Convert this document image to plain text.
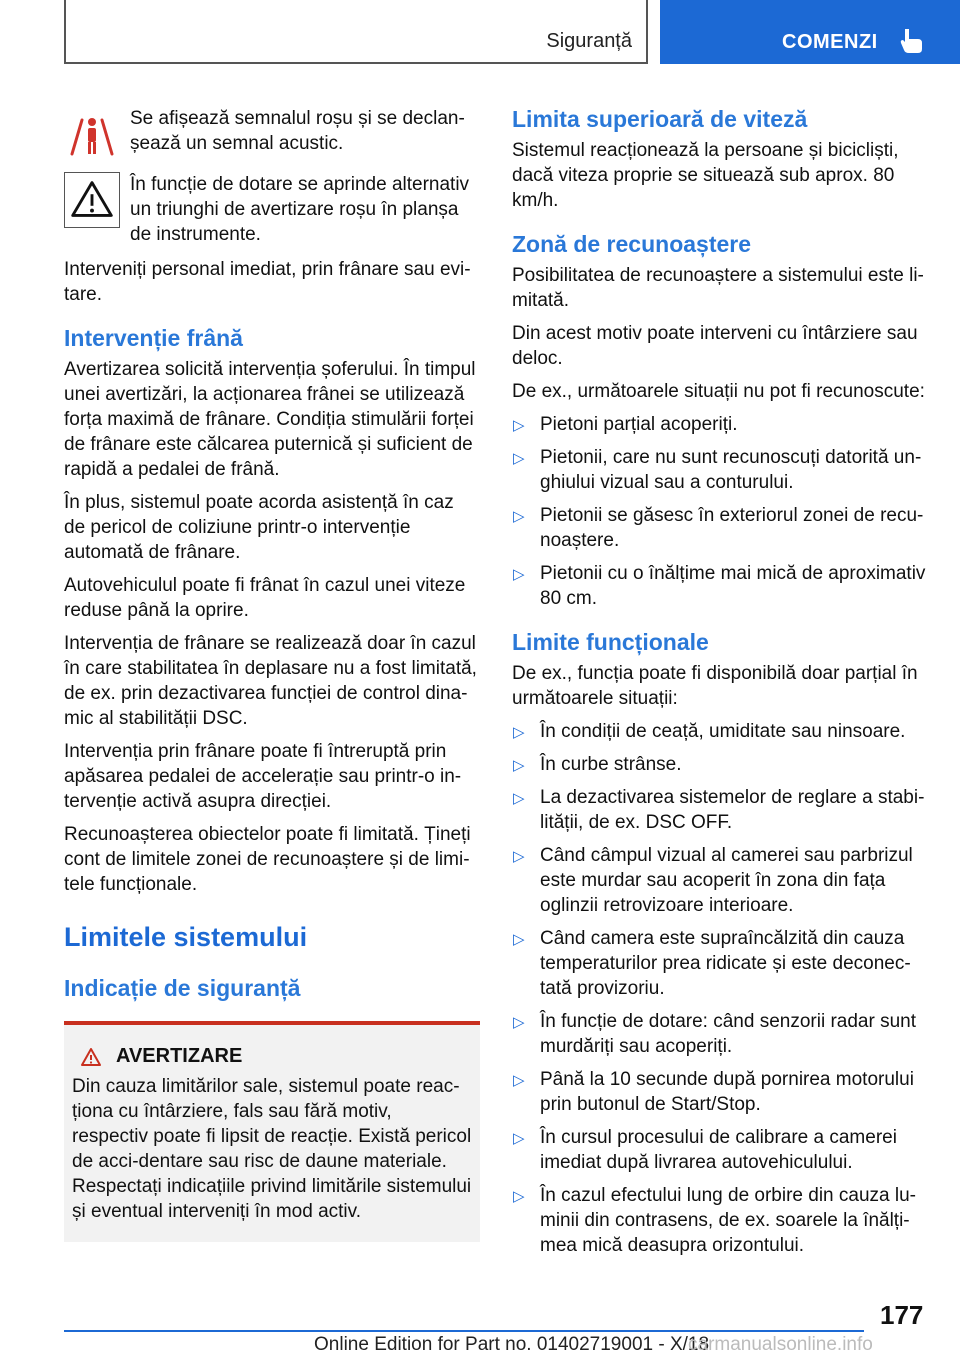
Siguranță	COMENZI
Se afișează semnalul roșu și se declan-șează un semnal acustic.
În funcție de dotare se aprinde alternativ un triunghi de avertizare roșu în planșa de instrumente.

Interveniți personal imediat, prin frânare sau evi-tare.

Intervenție frână

Avertizarea solicită intervenția șoferului. În timpul unei avertizări, la acționarea frânei se utilizează forța maximă de frânare. Condiția stimulării forței de frânare este călcarea puternică și suficient de rapidă a pedalei de frână.

În plus, sistemul poate acorda asistență în caz de pericol de coliziune printr-o intervenție automată de frânare.

Autovehiculul poate fi frânat în cazul unei viteze reduse până la oprire.

Intervenția de frânare se realizează doar în cazul în care stabilitatea în deplasare nu a fost limitată, de ex. prin dezactivarea funcției de control dina-mic al stabilității DSC.

Intervenția prin frânare poate fi întreruptă prin apăsarea pedalei de accelerație sau printr-o in-tervenție activă asupra direcției.

Recunoașterea obiectelor poate fi limitată. Țineți cont de limitele zonei de recunoaștere și de limi-tele funcționale.

Limitele sistemului
Indicație de siguranță
AVERTIZARE

Din cauza limitărilor sale, sistemul poate reac-ționa cu întârziere, fals sau fără motiv, respectiv poate fi lipsit de reacție. Există pericol de acci-dentare sau risc de daune materiale. Respectați indicațiile privind limitările sistemului și eventual interveniți în mod activ.

Limita superioară de viteză

Sistemul reacționează la persoane și bicicliști, dacă viteza proprie se situează sub aprox. 80 km/h.

Zonă de recunoaștere

Posibilitatea de recunoaștere a sistemului este li-mitată.

Din acest motiv poate interveni cu întârziere sau deloc.

De ex., următoarele situații nu pot fi recunoscute:

▷ Pietoni parțial acoperiți.
▷ Pietonii, care nu sunt recunoscuți datorită un-ghiului vizual sau a conturului.
▷ Pietonii se găsesc în exteriorul zonei de recu-noaștere.
▷ Pietonii cu o înălțime mai mică de aproximativ 80 cm.
Limite funcționale

De ex., funcția poate fi disponibilă doar parțial în următoarele situații:

▷ În condiții de ceață, umiditate sau ninsoare.
▷ În curbe strânse.
▷ La dezactivarea sistemelor de reglare a stabi-lității, de ex. DSC OFF.
▷ Când câmpul vizual al camerei sau parbrizul este murdar sau acoperit în zona din fața oglinzii retrovizoare interioare.
▷ Când camera este supraîncălzită din cauza temperaturilor prea ridicate și este deconec-tată provizoriu.
▷ În funcție de dotare: când senzorii radar sunt murdăriți sau acoperiți.
▷ Până la 10 secunde după pornirea motorului prin butonul de Start/Stop.
▷ În cursul procesului de calibrare a camerei imediat după livrarea autovehiculului.
▷ În cazul efectului lung de orbire din cauza lu-minii din contrasens, de ex. soarele la înălți-mea mică deasupra orizontului.
177
Online Edition for Part no. 01402719001 - X/18
carmanualsonline.info
